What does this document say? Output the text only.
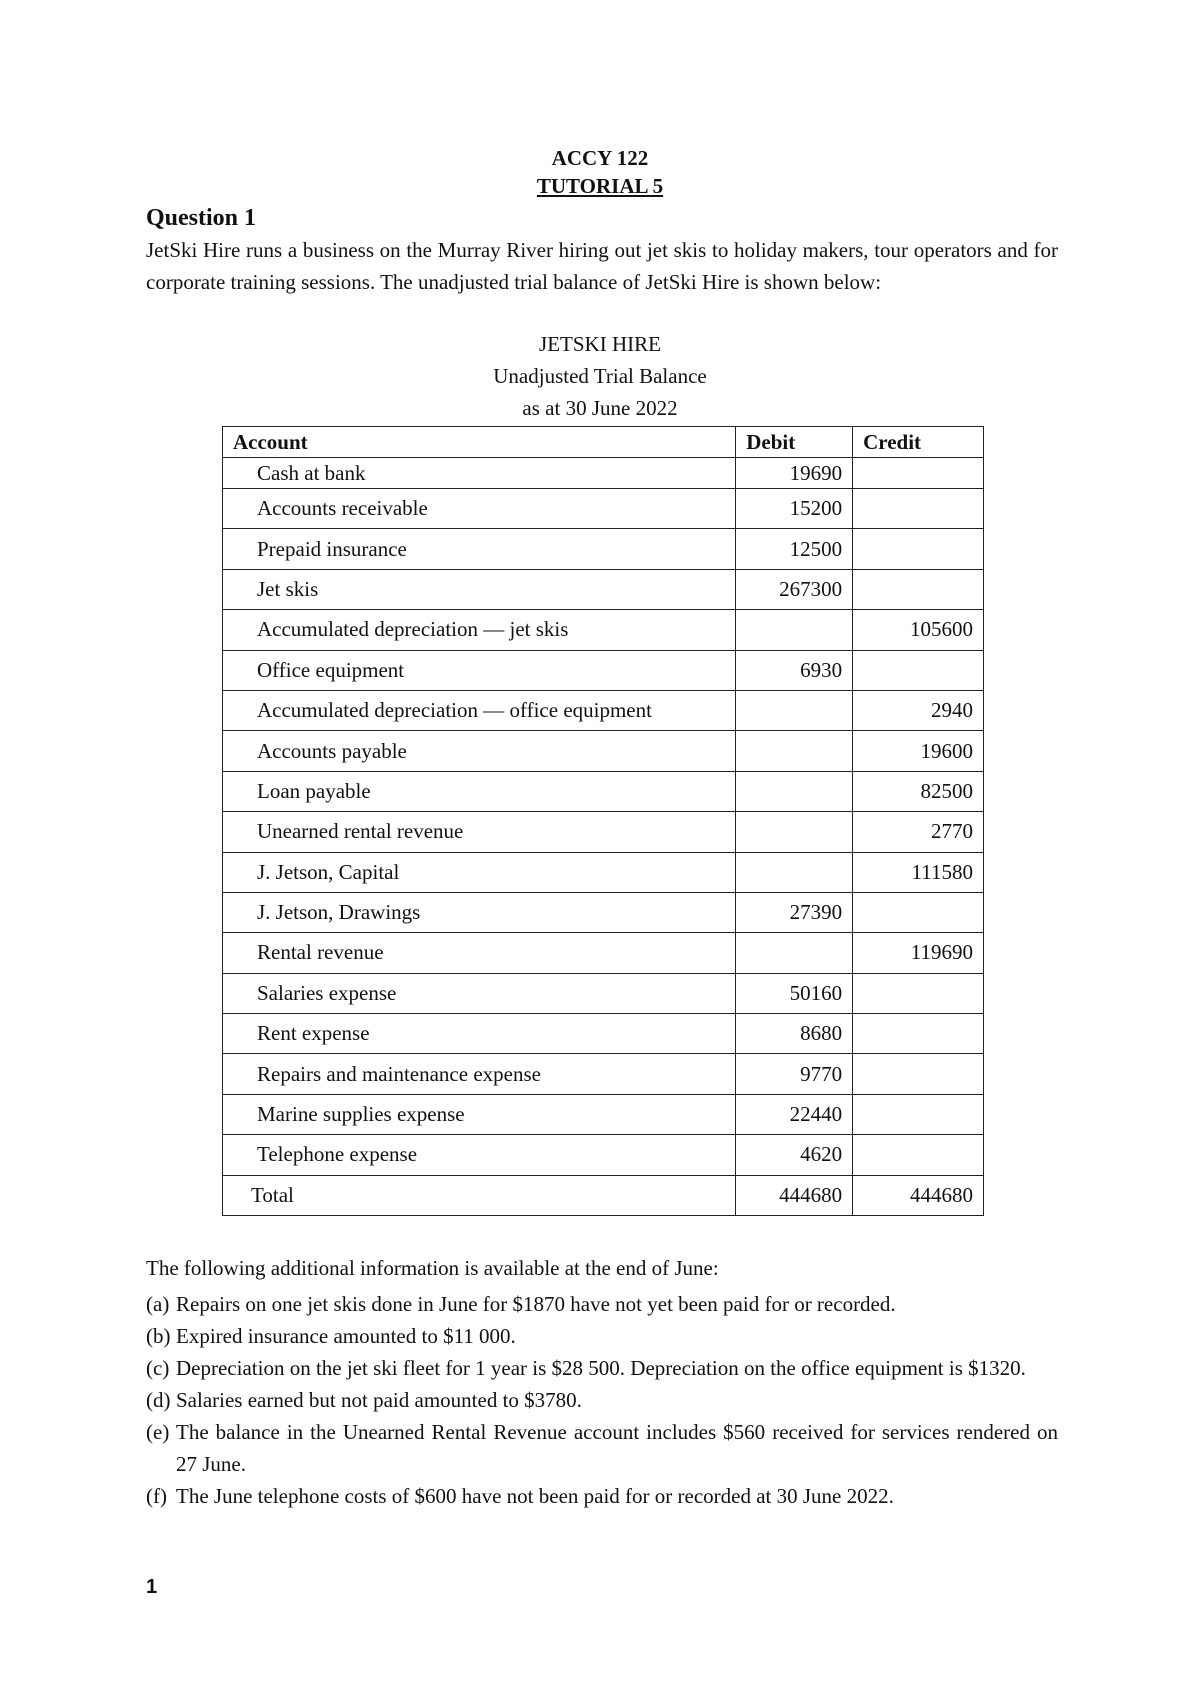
ACCY 122
TUTORIAL 5
Question 1
JetSki Hire runs a business on the Murray River hiring out jet skis to holiday makers, tour operators and for corporate training sessions. The unadjusted trial balance of JetSki Hire is shown below:
JETSKI HIRE
Unadjusted Trial Balance
as at 30 June 2022
Account	Debit	Credit
Cash at bank	19690	
Accounts receivable	15200	
Prepaid insurance	12500	
Jet skis	267300	
Accumulated depreciation — jet skis		105600
Office equipment	6930	
Accumulated depreciation — office equipment		2940
Accounts payable		19600
Loan payable		82500
Unearned rental revenue		2770
J. Jetson, Capital		111580
J. Jetson, Drawings	27390	
Rental revenue		119690
Salaries expense	50160	
Rent expense	8680	
Repairs and maintenance expense	9770	
Marine supplies expense	22440	
Telephone expense	4620	
Total	444680	444680
The following additional information is available at the end of June:
(a) Repairs on one jet skis done in June for $1870 have not yet been paid for or recorded.
(b) Expired insurance amounted to $11 000.
(c) Depreciation on the jet ski fleet for 1 year is $28 500. Depreciation on the office equipment is $1320.
(d) Salaries earned but not paid amounted to $3780.
(e) The balance in the Unearned Rental Revenue account includes $560 received for services rendered on 27 June.
(f) The June telephone costs of $600 have not been paid for or recorded at 30 June 2022.
1
